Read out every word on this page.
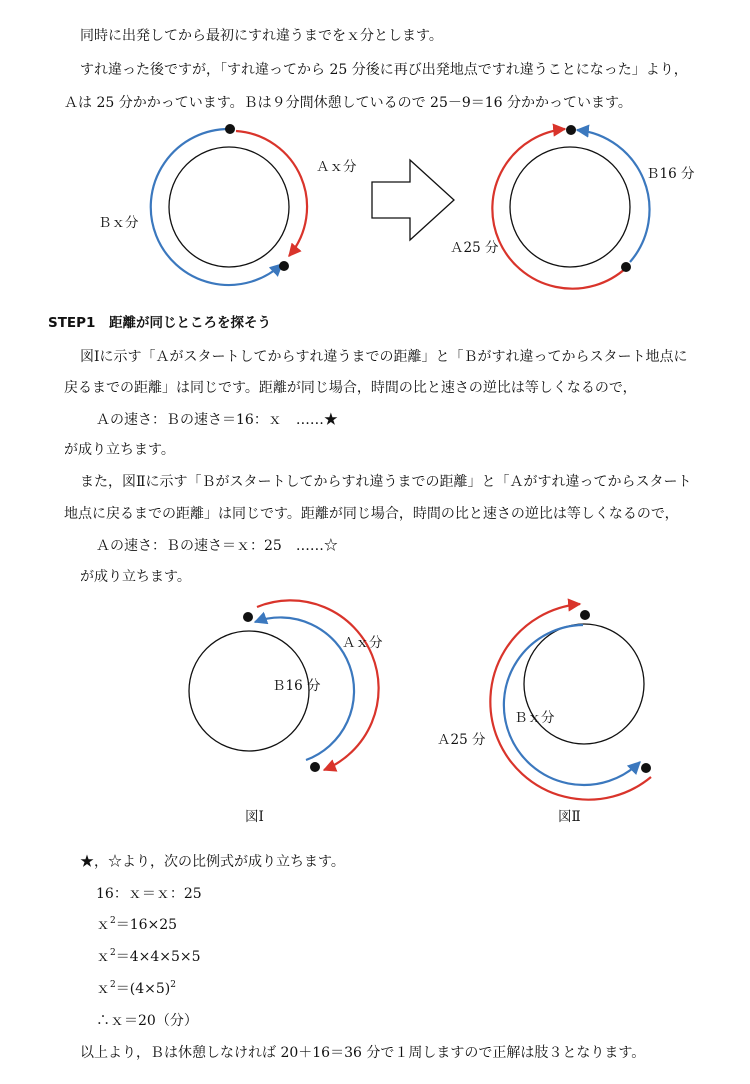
同時に出発してから最初にすれ違うまでをｘ分とします。
すれ違った後ですが，「すれ違ってから 25 分後に再び出発地点ですれ違うことになった」より，
Ａは 25 分かかっています。Ｂは９分間休憩しているので 25－9＝16 分かかっています。
Ａｘ分
Ｂｘ分
Ｂ16 分
Ａ25 分
STEP1　距離が同じところを探そう
図Ⅰに示す「Ａがスタートしてからすれ違うまでの距離」と「Ｂがすれ違ってからスタート地点に
戻るまでの距離」は同じです。距離が同じ場合，時間の比と速さの逆比は等しくなるので，
Ａの速さ：Ｂの速さ＝16：ｘ　……★
が成り立ちます。
また，図Ⅱに示す「Ｂがスタートしてからすれ違うまでの距離」と「Ａがすれ違ってからスタート
地点に戻るまでの距離」は同じです。距離が同じ場合，時間の比と速さの逆比は等しくなるので，
Ａの速さ：Ｂの速さ＝ｘ：25　……☆
が成り立ちます。
Ａｘ分
Ｂ16 分
図Ⅰ
Ａ25 分
Ｂｘ分
図Ⅱ
★，☆より，次の比例式が成り立ちます。
16：ｘ＝ｘ：25
ｘ$^2$＝16×25
ｘ$^2$＝4×4×5×5
$x^2=(4\times 5)^2$
∴ｘ＝20（分）
以上より，Ｂは休憩しなければ 20＋16＝36 分で１周しますので正解は肢３となります。
